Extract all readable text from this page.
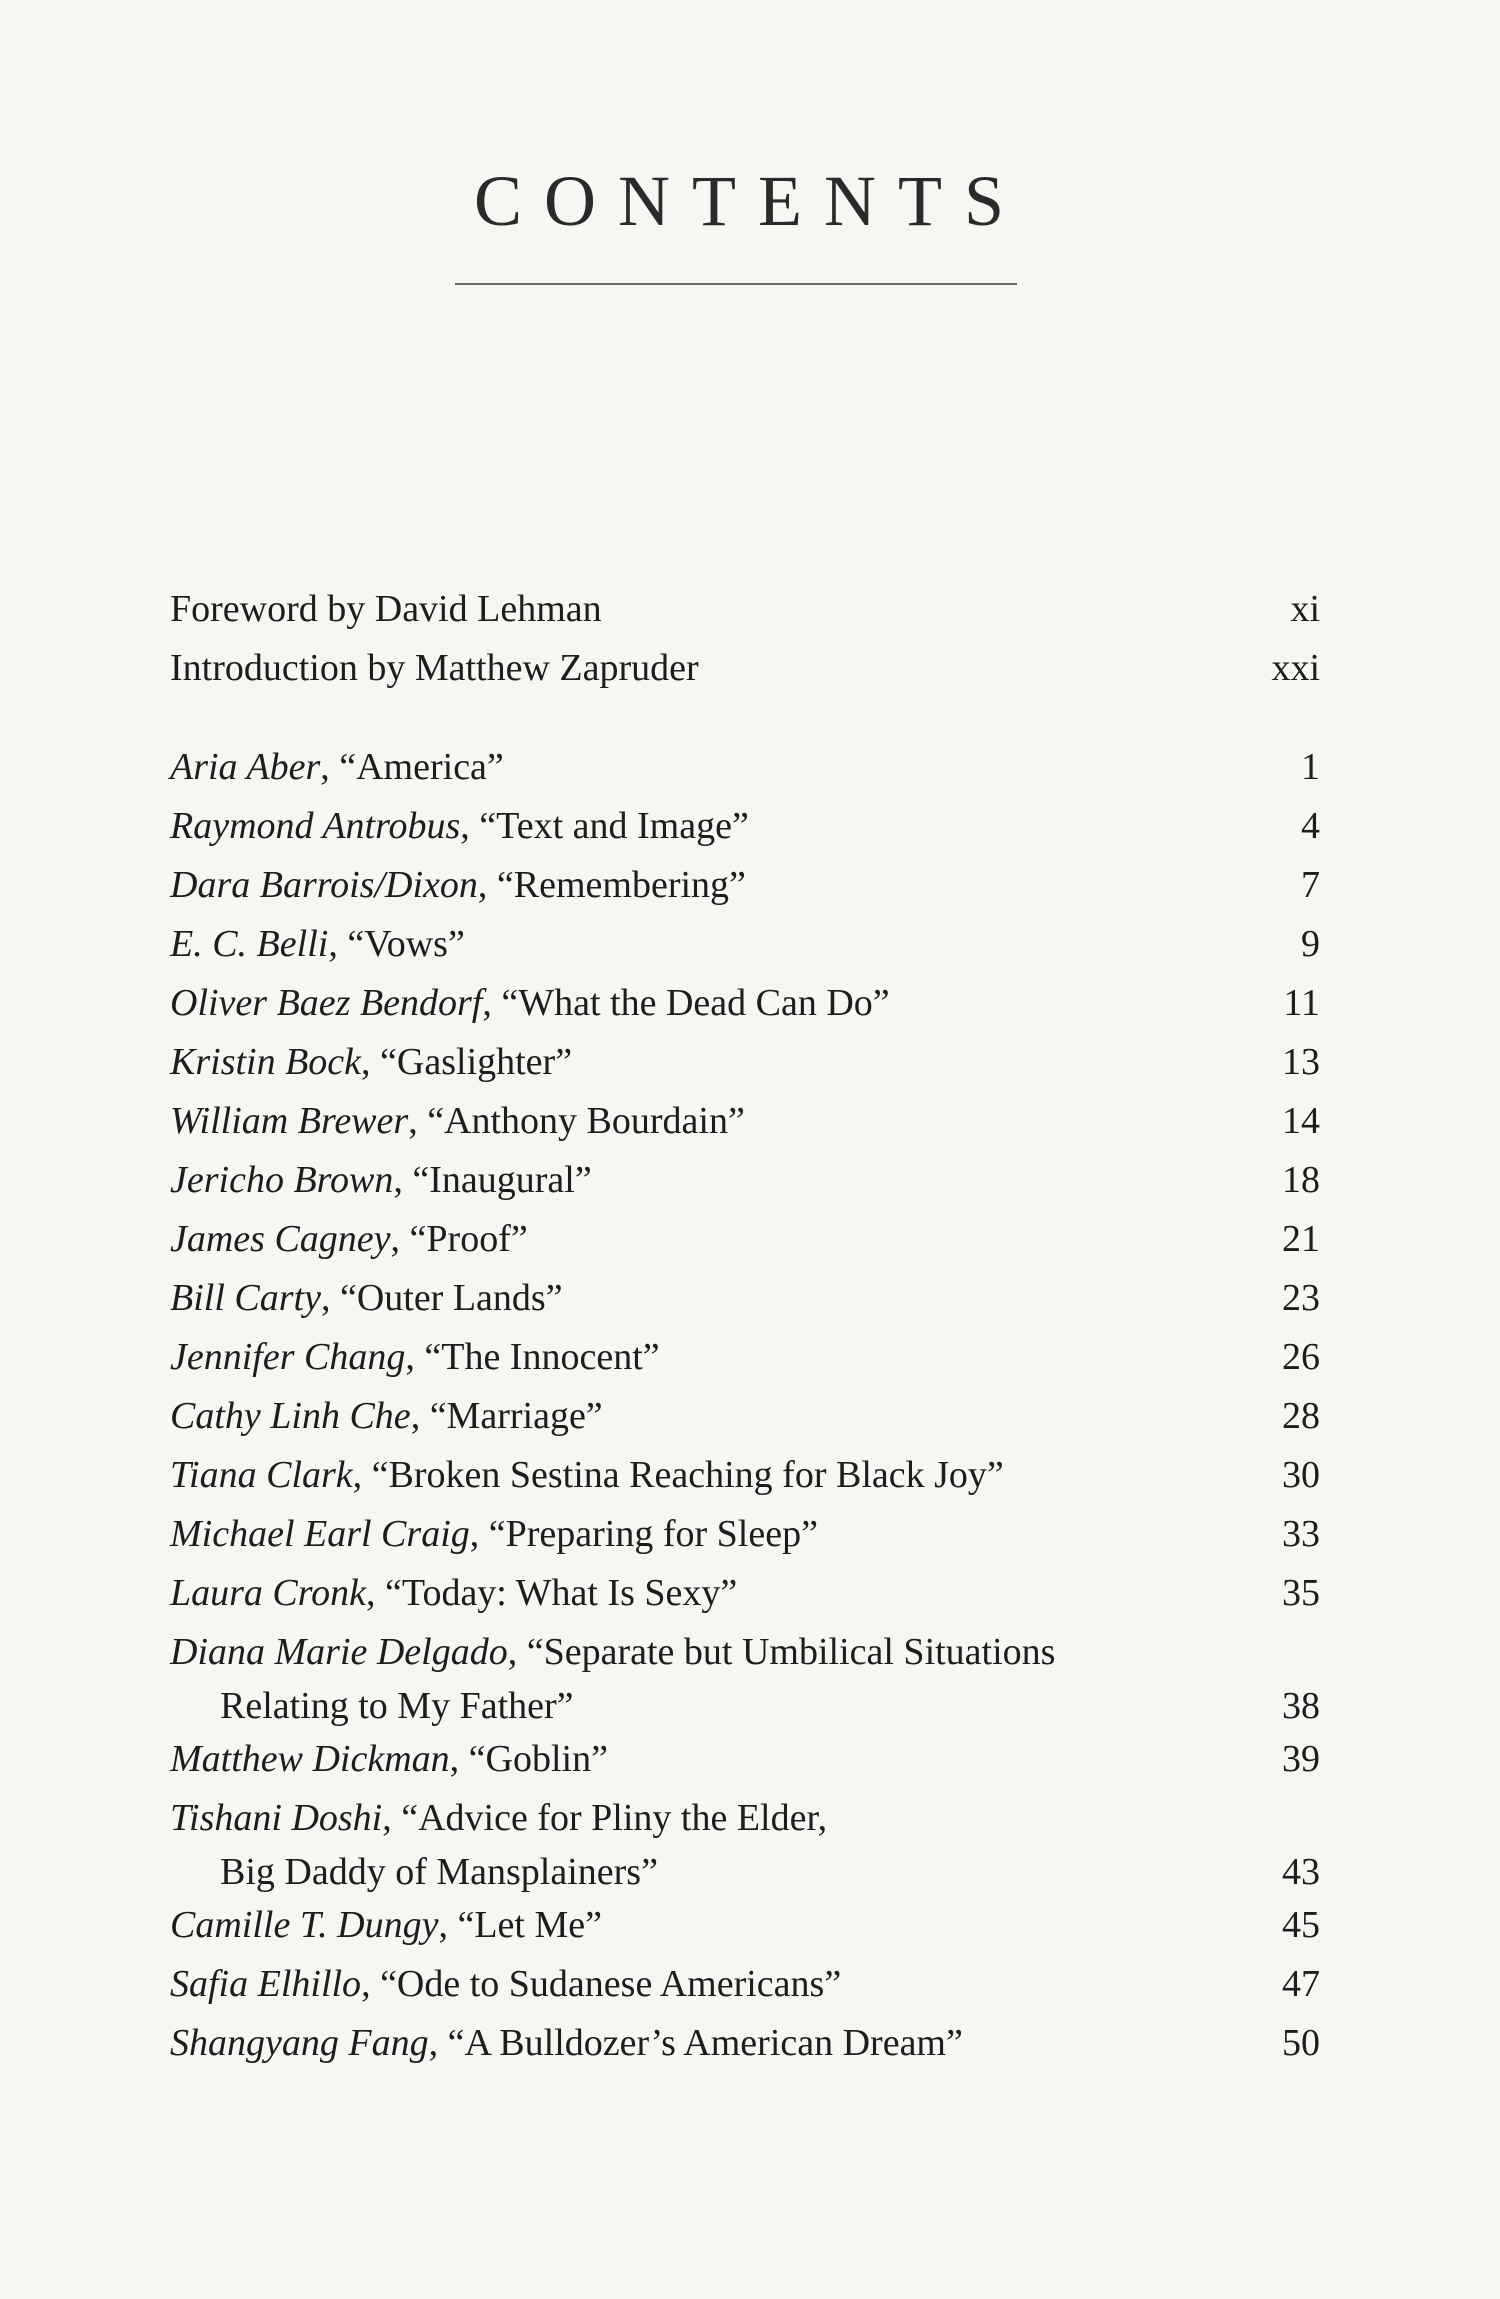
CONTENTS
Foreword by David Lehman	xi
Introduction by Matthew Zapruder	xxi
Aria Aber, “America”	1
Raymond Antrobus, “Text and Image”	4
Dara Barrois/Dixon, “Remembering”	7
E. C. Belli, “Vows”	9
Oliver Baez Bendorf, “What the Dead Can Do”	11
Kristin Bock, “Gaslighter”	13
William Brewer, “Anthony Bourdain”	14
Jericho Brown, “Inaugural”	18
James Cagney, “Proof”	21
Bill Carty, “Outer Lands”	23
Jennifer Chang, “The Innocent”	26
Cathy Linh Che, “Marriage”	28
Tiana Clark, “Broken Sestina Reaching for Black Joy”	30
Michael Earl Craig, “Preparing for Sleep”	33
Laura Cronk, “Today: What Is Sexy”	35
Diana Marie Delgado, “Separate but Umbilical Situations
Relating to My Father”	38
Matthew Dickman, “Goblin”	39
Tishani Doshi, “Advice for Pliny the Elder,
Big Daddy of Mansplainers”	43
Camille T. Dungy, “Let Me”	45
Safia Elhillo, “Ode to Sudanese Americans”	47
Shangyang Fang, “A Bulldozer’s American Dream”	50
